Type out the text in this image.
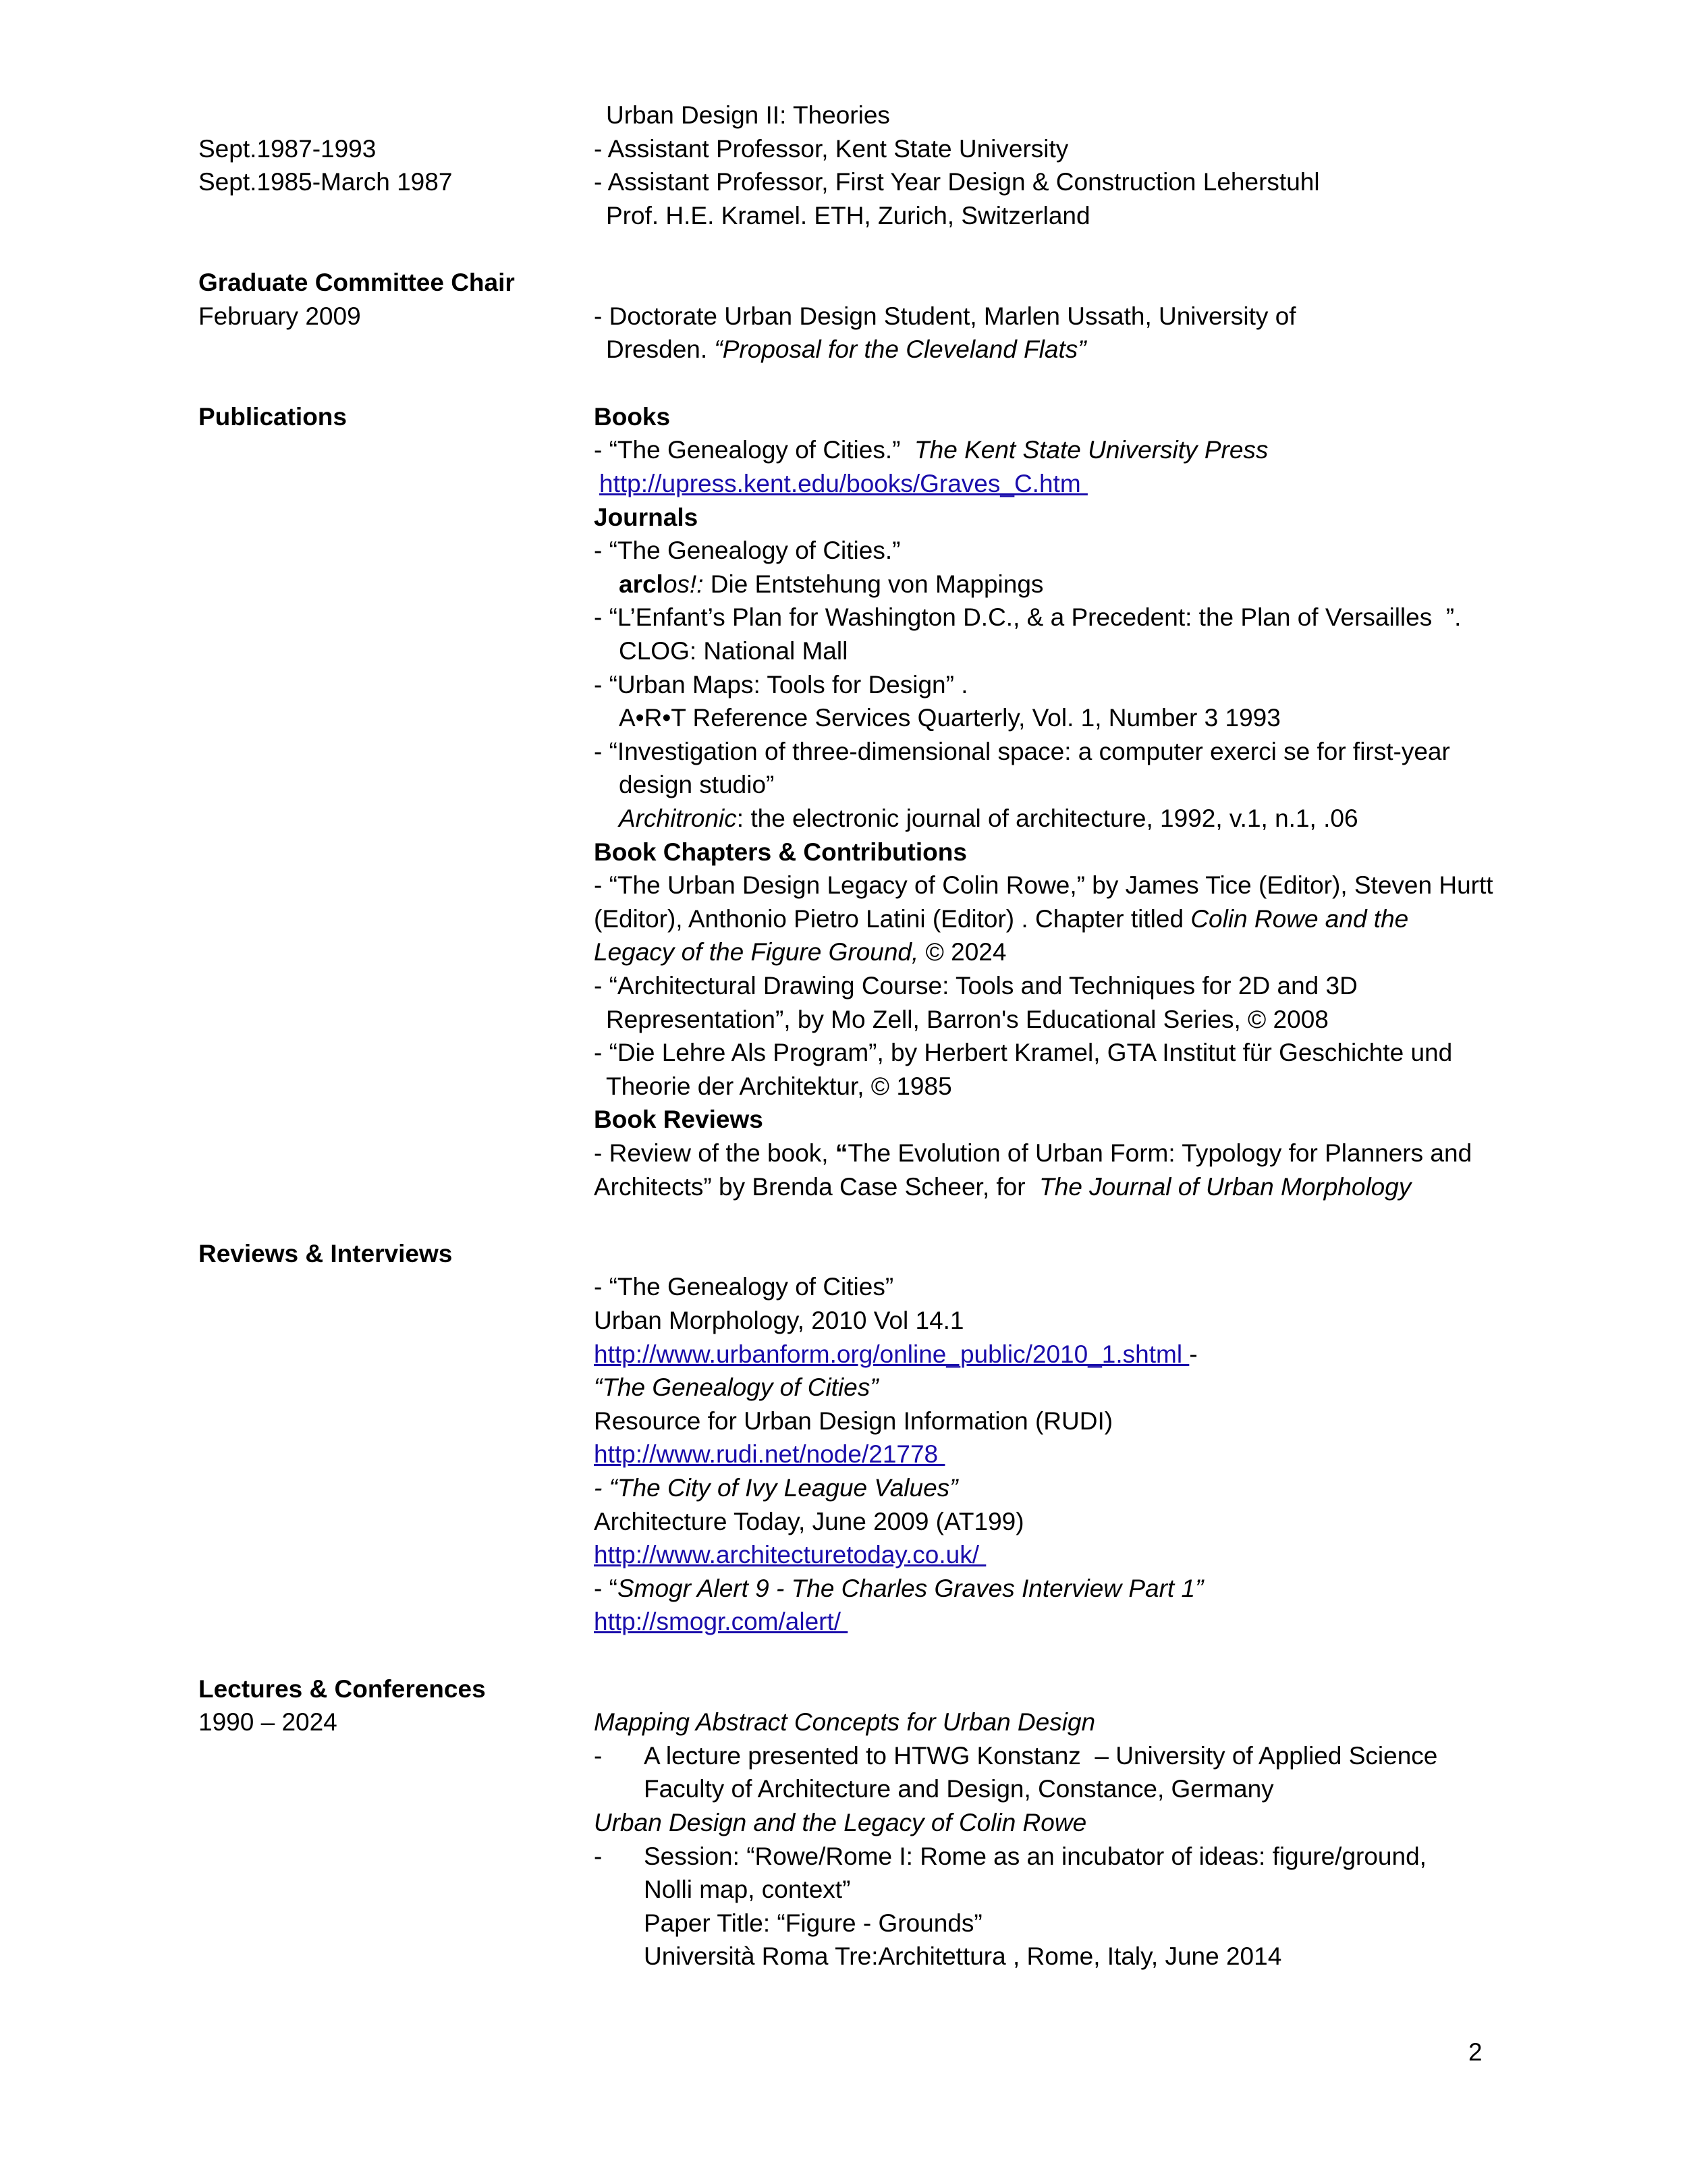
Urban Design II: Theories
Sept.1987-1993	- Assistant Professor, Kent State University
Sept.1985-March 1987	- Assistant Professor, First Year Design & Construction Leherstuhl
Prof. H.E. Kramel. ETH, Zurich, Switzerland
Graduate Committee Chair
February 2009	- Doctorate Urban Design Student, Marlen Ussath, University of
Dresden. “Proposal for the Cleveland Flats”
Publications	Books
- “The Genealogy of Cities.”  The Kent State University Press
http://upress.kent.edu/books/Graves_C.htm
Journals
- “The Genealogy of Cities.”
arclos!: Die Entstehung von Mappings
- “L’Enfant’s Plan for Washington D.C., & a Precedent: the Plan of Versailles  ”.
CLOG: National Mall
- “Urban Maps: Tools for Design” .
A•R•T Reference Services Quarterly, Vol. 1, Number 3 1993
- “Investigation of three-dimensional space: a computer exerci se for first-year
design studio”
Architronic: the electronic journal of architecture, 1992, v.1, n.1, .06
Book Chapters & Contributions
- “The Urban Design Legacy of Colin Rowe,” by James Tice (Editor), Steven Hurtt
(Editor), Anthonio Pietro Latini (Editor) . Chapter titled Colin Rowe and the
Legacy of the Figure Ground, © 2024
- “Architectural Drawing Course: Tools and Techniques for 2D and 3D
Representation”, by Mo Zell, Barron's Educational Series, © 2008
- “Die Lehre Als Program”, by Herbert Kramel, GTA Institut für Geschichte und
Theorie der Architektur, © 1985
Book Reviews
- Review of the book, “The Evolution of Urban Form: Typology for Planners and
Architects” by Brenda Case Scheer, for  The Journal of Urban Morphology
Reviews & Interviews
- “The Genealogy of Cities”
Urban Morphology, 2010 Vol 14.1
http://www.urbanform.org/online_public/2010_1.shtml -
“The Genealogy of Cities”
Resource for Urban Design Information (RUDI)
http://www.rudi.net/node/21778
- “The City of Ivy League Values”
Architecture Today, June 2009 (AT199)
http://www.architecturetoday.co.uk/
- “Smogr Alert 9 - The Charles Graves Interview Part 1”
http://smogr.com/alert/
Lectures & Conferences
1990 – 2024	Mapping Abstract Concepts for Urban Design
- A lecture presented to HTWG Konstanz  – University of Applied Science
Faculty of Architecture and Design, Constance, Germany
Urban Design and the Legacy of Colin Rowe
- Session: “Rowe/Rome I: Rome as an incubator of ideas: figure/ground,
Nolli map, context”
Paper Title: “Figure - Grounds”
Università Roma Tre:Architettura , Rome, Italy, June 2014
2
